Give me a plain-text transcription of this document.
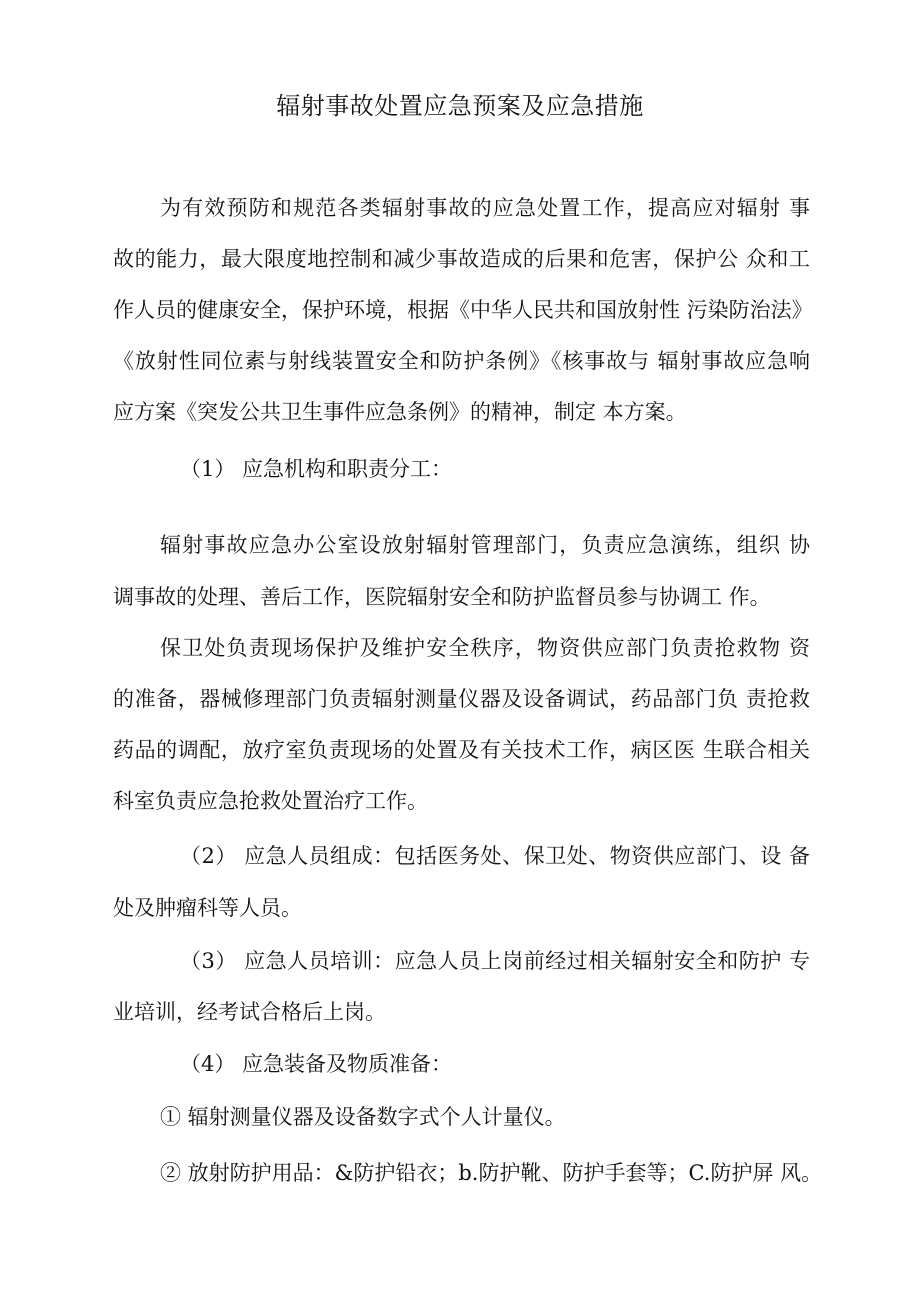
辐射事故处置应急预案及应急措施
为有效预防和规范各类辐射事故的应急处置工作，提高应对辐射 事
故的能力，最大限度地控制和减少事故造成的后果和危害，保护公 众和工
作人员的健康安全，保护环境，根据《中华人民共和国放射性 污染防治法》
《放射性同位素与射线装置安全和防护条例》《核事故与 辐射事故应急响
应方案《突发公共卫生事件应急条例》的精神，制定 本方案。
（1） 应急机构和职责分工：
辐射事故应急办公室设放射辐射管理部门，负责应急演练，组织 协
调事故的处理、善后工作，医院辐射安全和防护监督员参与协调工 作。
保卫处负责现场保护及维护安全秩序，物资供应部门负责抢救物 资
的准备，器械修理部门负责辐射测量仪器及设备调试，药品部门负 责抢救
药品的调配，放疗室负责现场的处置及有关技术工作，病区医 生联合相关
科室负责应急抢救处置治疗工作。
（2） 应急人员组成：包括医务处、保卫处、物资供应部门、设 备
处及肿瘤科等人员。
（3） 应急人员培训：应急人员上岗前经过相关辐射安全和防护 专
业培训，经考试合格后上岗。
（4） 应急装备及物质准备：
① 辐射测量仪器及设备数字式个人计量仪。
② 放射防护用品：&防护铅衣；b.防护靴、防护手套等；C.防护屏 风。
